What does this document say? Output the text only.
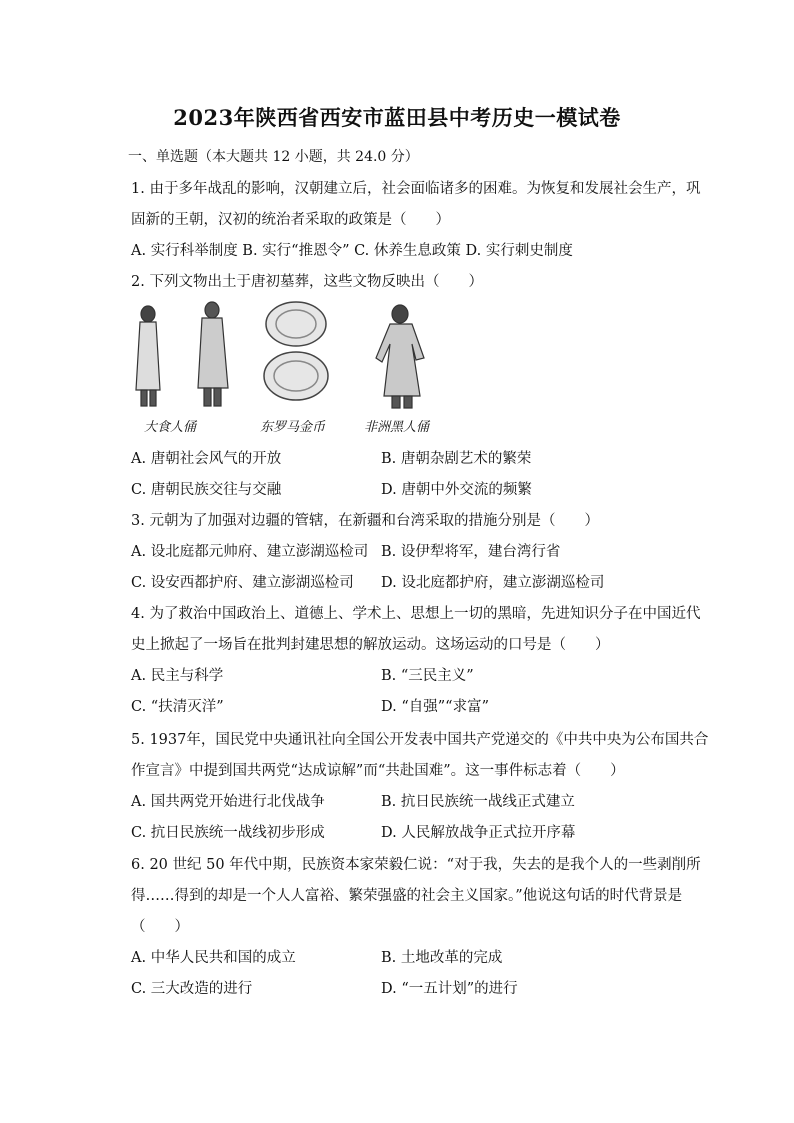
2023年陕西省西安市蓝田县中考历史一模试卷
一、单选题（本大题共 12 小题，共 24.0 分）
1. 由于多年战乱的影响，汉朝建立后，社会面临诸多的困难。为恢复和发展社会生产，巩
固新的王朝，汉初的统治者采取的政策是（　　）
A. 实行科举制度 B. 实行“推恩令” C. 休养生息政策 D. 实行刺史制度
2. 下列文物出土于唐初墓葬，这些文物反映出（　　）
大食人俑	东罗马金币	非洲黑人俑
A. 唐朝社会风气的开放	B. 唐朝杂剧艺术的繁荣
C. 唐朝民族交往与交融	D. 唐朝中外交流的频繁
3. 元朝为了加强对边疆的管辖，在新疆和台湾采取的措施分别是（　　）
A. 设北庭都元帅府、建立澎湖巡检司 B. 设伊犁将军，建台湾行省
C. 设安西都护府、建立澎湖巡检司 D. 设北庭都护府，建立澎湖巡检司
4. 为了救治中国政治上、道德上、学术上、思想上一切的黑暗，先进知识分子在中国近代
史上掀起了一场旨在批判封建思想的解放运动。这场运动的口号是（　　）
A. 民主与科学	B. “三民主义”
C. “扶清灭洋”	D. “自强”“求富”
5. 1937年，国民党中央通讯社向全国公开发表中国共产党递交的《中共中央为公布国共合
作宣言》中提到国共两党“达成谅解”而“共赴国难”。这一事件标志着（　　）
A. 国共两党开始进行北伐战争	B. 抗日民族统一战线正式建立
C. 抗日民族统一战线初步形成	D. 人民解放战争正式拉开序幕
6. 20 世纪 50 年代中期，民族资本家荣毅仁说：“对于我，失去的是我个人的一些剥削所
得……得到的却是一个人人富裕、繁荣强盛的社会主义国家。”他说这句话的时代背景是
（　　）
A. 中华人民共和国的成立	B. 土地改革的完成
C. 三大改造的进行	D. “一五计划”的进行
